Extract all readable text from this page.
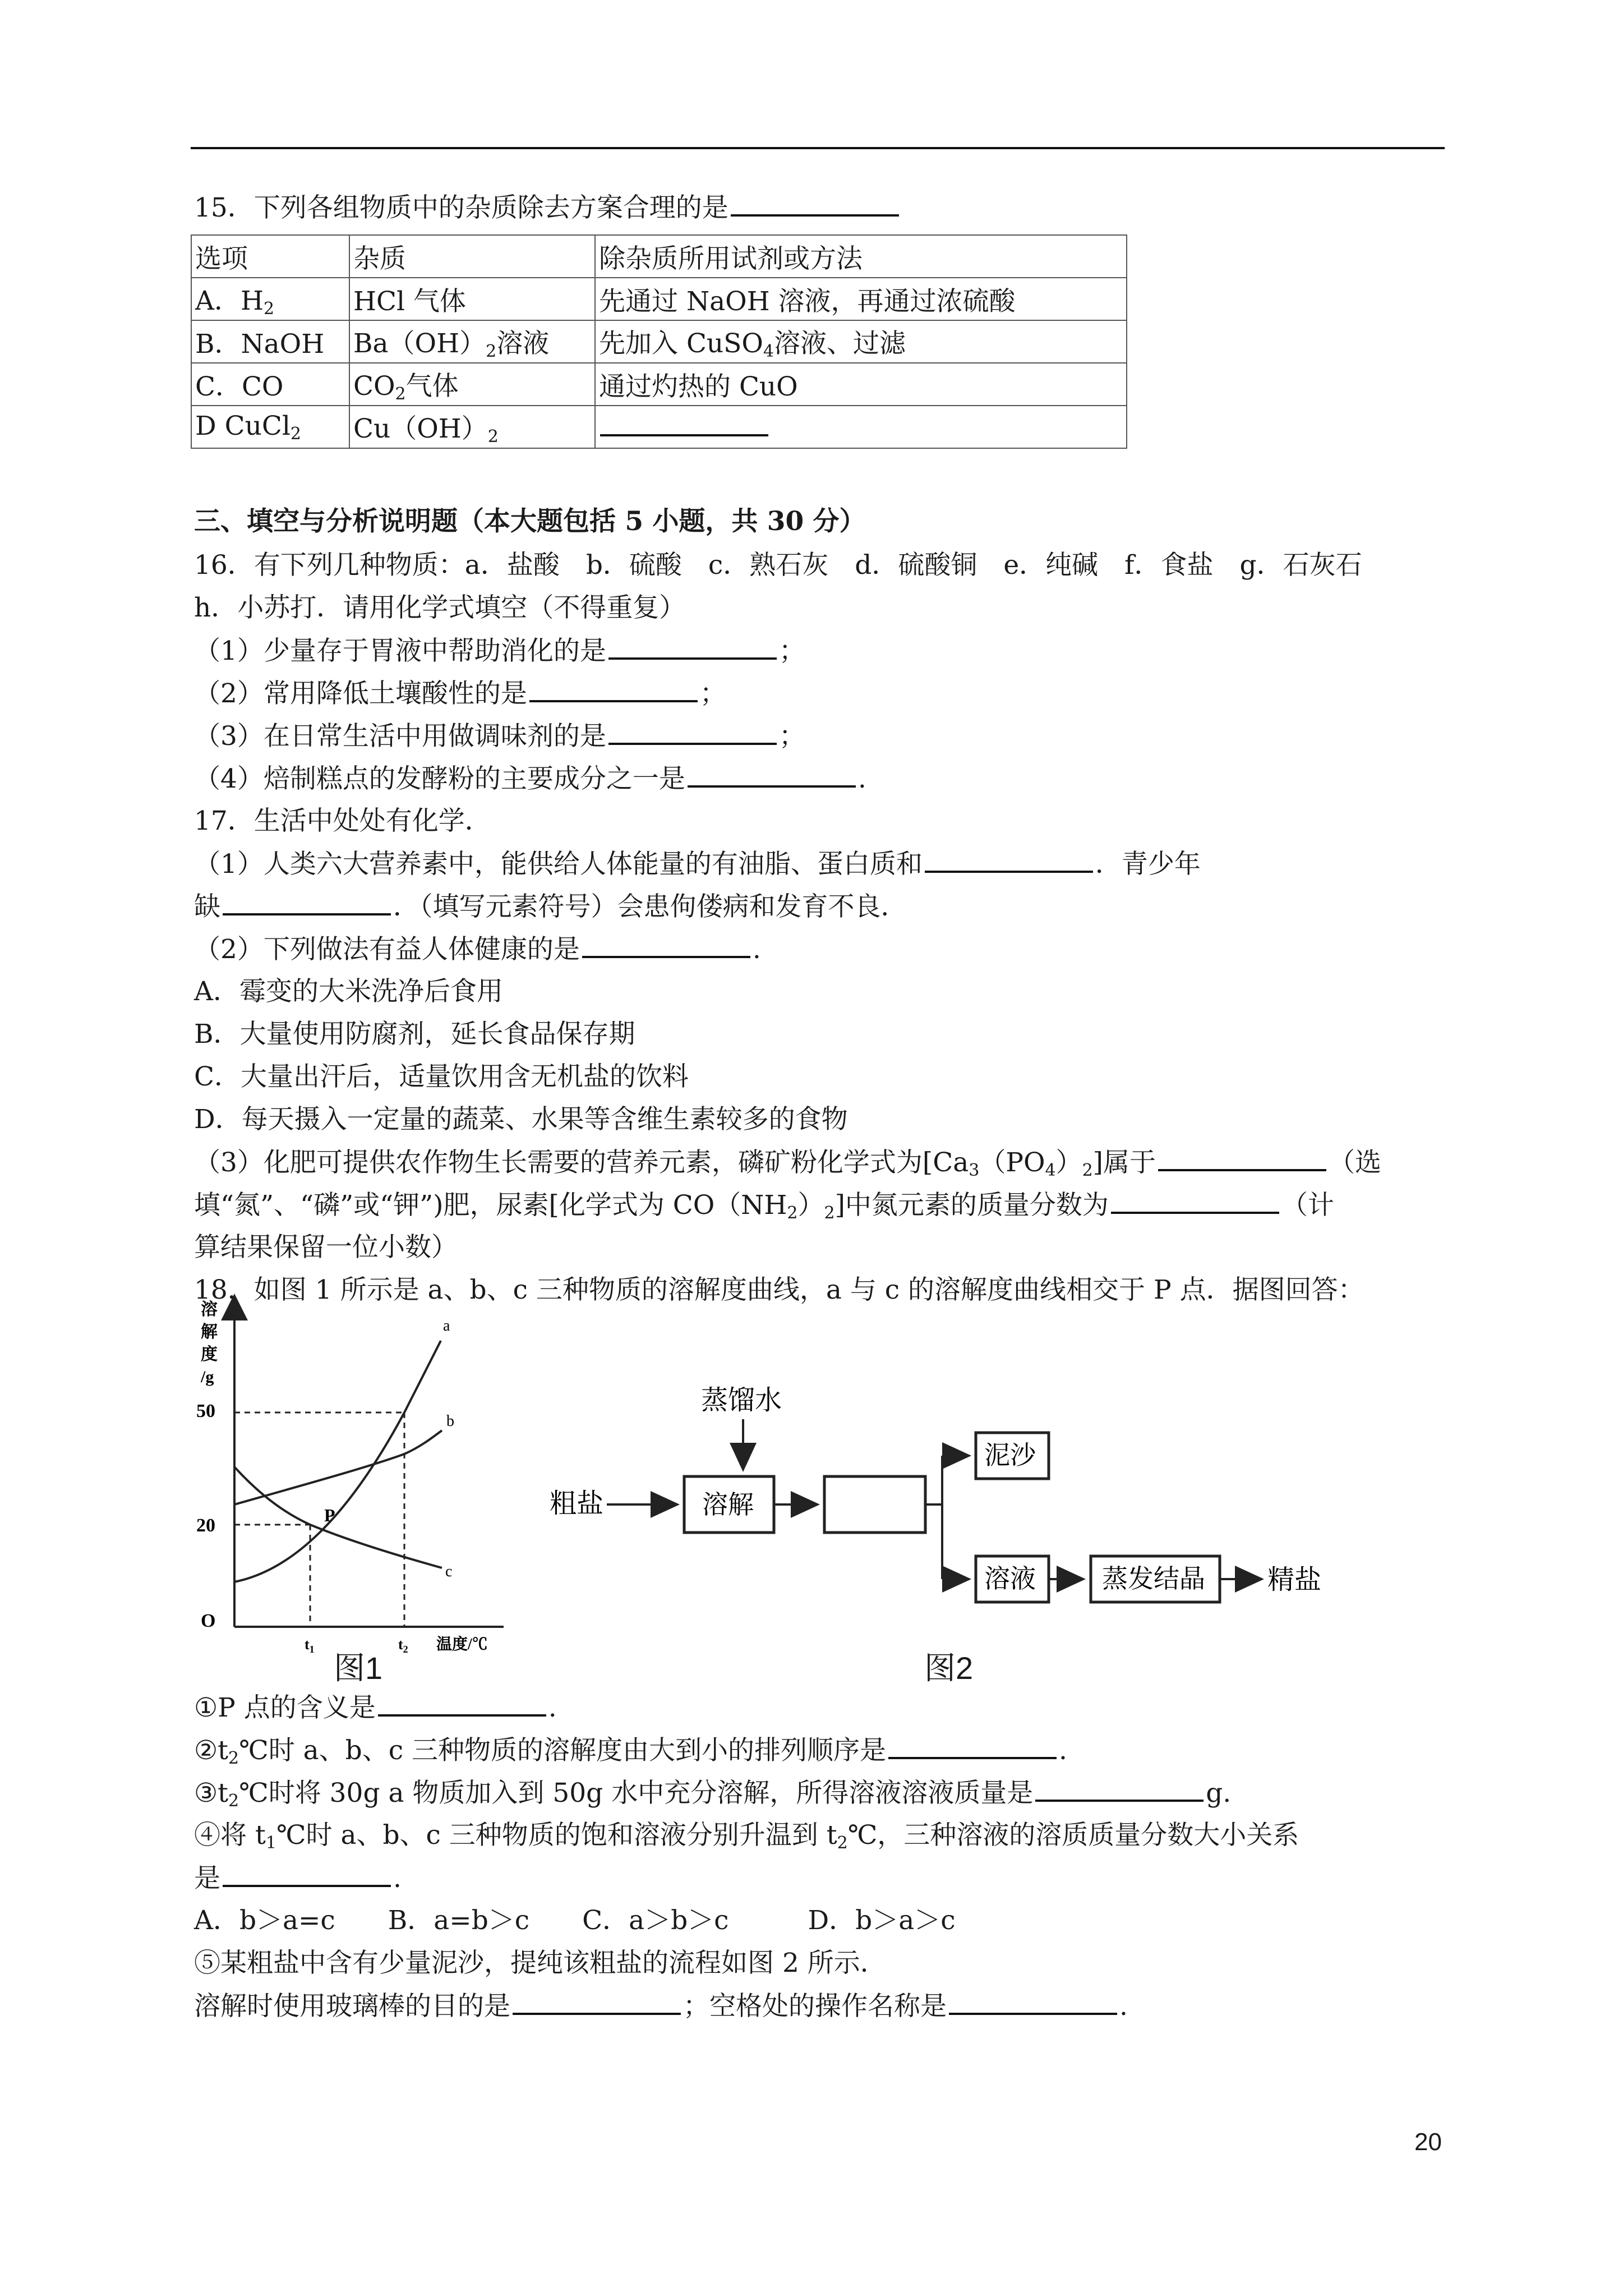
15．下列各组物质中的杂质除去方案合理的是
选项	杂质	除杂质所用试剂或方法
A．$H_2$	HCl 气体	先通过 NaOH 溶液，再通过浓硫酸
B．NaOH	$Ba(OH)_2$溶液	先加入 CuSO$_4$溶液、过滤
C．CO	$CO_2$气体	通过灼热的 CuO
D CuCl$_2$	$Cu(OH)_2$	
三、填空与分析说明题（本大题包括 5 小题，共 30 分）
16．有下列几种物质：a．盐酸　b．硫酸　c．熟石灰　d．硫酸铜　e．纯碱　f．食盐　g．石灰石
h．小苏打．请用化学式填空（不得重复）
（1）少量存于胃液中帮助消化的是	；
（2）常用降低土壤酸性的是	；
（3）在日常生活中用做调味剂的是	；
（4）焙制糕点的发酵粉的主要成分之一是	.
17．生活中处处有化学．
（1）人类六大营养素中，能供给人体能量的有油脂、蛋白质和	．青少年
缺	．（填写元素符号）会患佝偻病和发育不良．
（2）下列做法有益人体健康的是	.
A．霉变的大米洗净后食用
B．大量使用防腐剂，延长食品保存期
C．大量出汗后，适量饮用含无机盐的饮料
D．每天摄入一定量的蔬菜、水果等含维生素较多的食物
（3）化肥可提供农作物生长需要的营养元素，磷矿粉化学式为$[Ca_3(PO_4)_2]$属于	（选
填“氮”、“磷”或“钾”)肥，尿素[化学式为 $CO(NH_2)_2$]中氮元素的质量分数为	（计
算结果保留一位小数）
18．如图 1 所示是 a、b、c 三种物质的溶解度曲线，a 与 c 的溶解度曲线相交于 P 点．据图回答：
溶
解
度
/g
50
20
O
a
b
c
P
$t_1$	$t_2$ 温度/℃
蒸馏水
粗盐	溶解
泥沙
溶液	蒸发结晶 精盐
图1	图2
①P 点的含义是	.
$②t_2℃$时 a、b、c 三种物质的溶解度由大到小的排列顺序是	.
$③t_2℃$时将 30g a 物质加入到 50g 水中充分溶解，所得溶液溶液质量是	g.
④将 $t_1℃$时 a、b、c 三种物质的饱和溶液分别升温到 $t_2℃$，三种溶液的溶质质量分数大小关系
是	.
A．b＞a=c　　B．a=b＞c　　C．a＞b＞c　　　D．b＞a＞c
⑤某粗盐中含有少量泥沙，提纯该粗盐的流程如图 2 所示．
溶解时使用玻璃棒的目的是	；空格处的操作名称是	.
20
